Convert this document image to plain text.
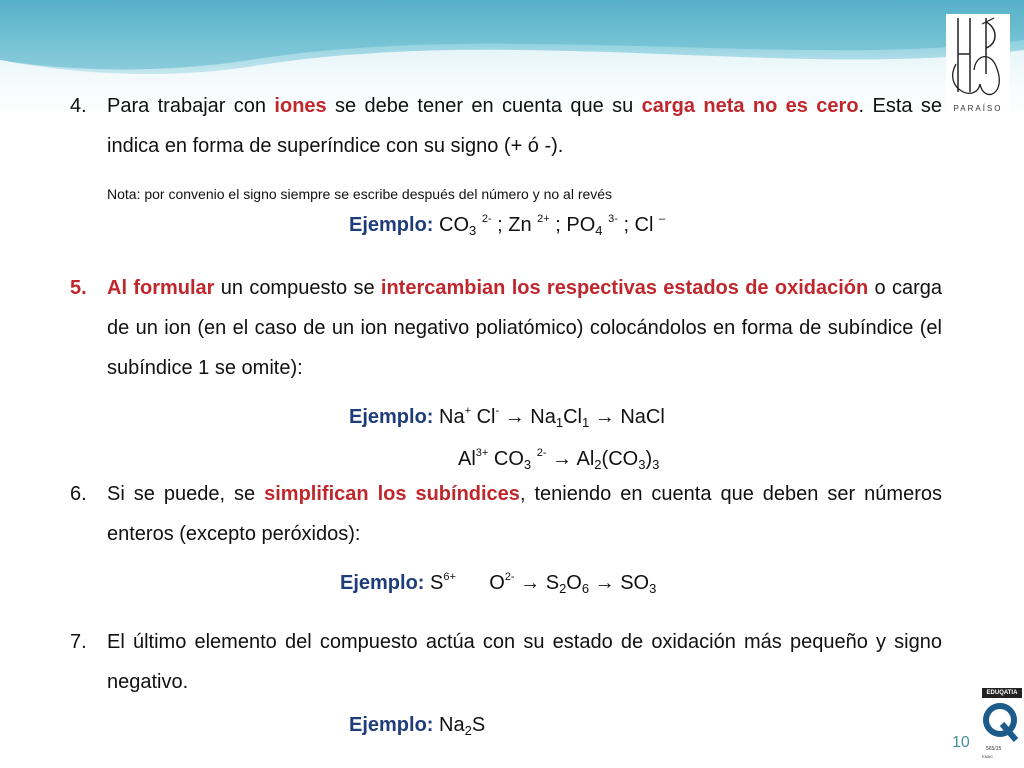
PARAÍSO
4.	Para trabajar con iones se debe tener en cuenta que su carga neta no es cero. Esta se indica en forma de superíndice con su signo (+ ó -).
Nota: por convenio el signo siempre se escribe después del número y no al revés
Ejemplo: $CO_3$ $^{2-}$ ; Zn $^{2+}$ ; $PO_4$ $^{3-}$ ; Cl –
5.	Al formular un compuesto se intercambian los respectivas estados de oxidación o carga de un ion (en el caso de un ion negativo poliatómico) colocándolos en forma de subíndice (el subíndice 1 se omite):
Ejemplo: Na+ $Cl^- \to Na_1Cl_1$ → NaCl
$Al^{3+}$ $CO_3$ $^{2-} \to Al_2(CO_3)_3$
6.	Si se puede, se simplifican los subíndices, teniendo en cuenta que deben ser números enteros (excepto peróxidos):
Ejemplo: $S^{6+}$ $O^{2-} \to S_2O_6 \to SO_3$
7.	El último elemento del compuesto actúa con su estado de oxidación más pequeño y signo negativo.
Ejemplo: $Na_2S$
EDUQATIA
565/15
ENAC
10
